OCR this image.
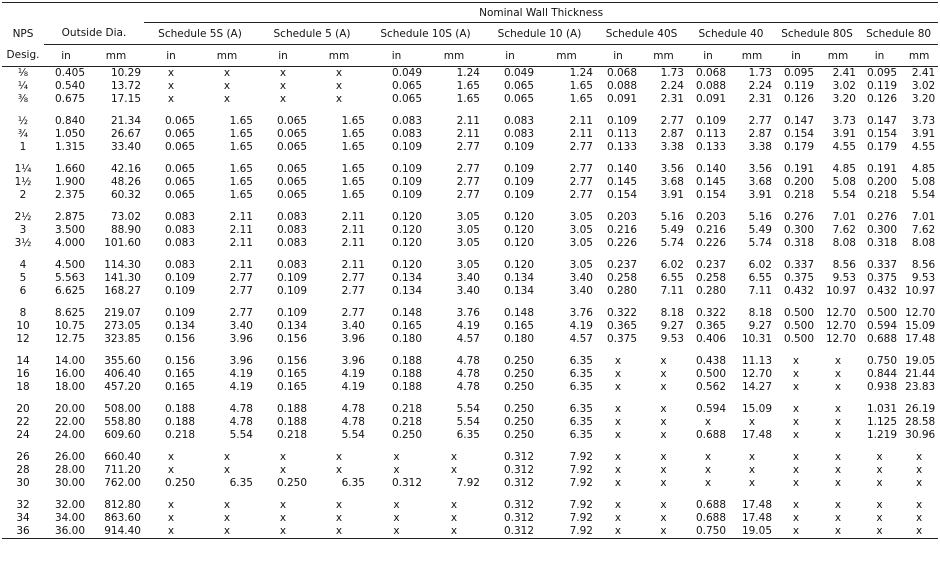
			Nominal Wall Thickness															
NPS	Outside Dia.		Schedule 5S (A)		Schedule 5 (A)		Schedule 10S (A)		Schedule 10 (A)		Schedule 40S		Schedule 40		Schedule 80S		Schedule 80	
Desig.	in	mm	in	mm	in	mm	in	mm	in	mm	in	mm	in	mm	in	mm	in	mm
⅛	0.405	10.29	x	x	x	x	0.049	1.24	0.049	1.24	0.068	1.73	0.068	1.73	0.095	2.41	0.095	2.41
¼	0.540	13.72	x	x	x	x	0.065	1.65	0.065	1.65	0.088	2.24	0.088	2.24	0.119	3.02	0.119	3.02
⅜	0.675	17.15	x	x	x	x	0.065	1.65	0.065	1.65	0.091	2.31	0.091	2.31	0.126	3.20	0.126	3.20

½	0.840	21.34	0.065	1.65	0.065	1.65	0.083	2.11	0.083	2.11	0.109	2.77	0.109	2.77	0.147	3.73	0.147	3.73
¾	1.050	26.67	0.065	1.65	0.065	1.65	0.083	2.11	0.083	2.11	0.113	2.87	0.113	2.87	0.154	3.91	0.154	3.91
1	1.315	33.40	0.065	1.65	0.065	1.65	0.109	2.77	0.109	2.77	0.133	3.38	0.133	3.38	0.179	4.55	0.179	4.55

1¼	1.660	42.16	0.065	1.65	0.065	1.65	0.109	2.77	0.109	2.77	0.140	3.56	0.140	3.56	0.191	4.85	0.191	4.85
1½	1.900	48.26	0.065	1.65	0.065	1.65	0.109	2.77	0.109	2.77	0.145	3.68	0.145	3.68	0.200	5.08	0.200	5.08
2	2.375	60.32	0.065	1.65	0.065	1.65	0.109	2.77	0.109	2.77	0.154	3.91	0.154	3.91	0.218	5.54	0.218	5.54

2½	2.875	73.02	0.083	2.11	0.083	2.11	0.120	3.05	0.120	3.05	0.203	5.16	0.203	5.16	0.276	7.01	0.276	7.01
3	3.500	88.90	0.083	2.11	0.083	2.11	0.120	3.05	0.120	3.05	0.216	5.49	0.216	5.49	0.300	7.62	0.300	7.62
3½	4.000	101.60	0.083	2.11	0.083	2.11	0.120	3.05	0.120	3.05	0.226	5.74	0.226	5.74	0.318	8.08	0.318	8.08

4	4.500	114.30	0.083	2.11	0.083	2.11	0.120	3.05	0.120	3.05	0.237	6.02	0.237	6.02	0.337	8.56	0.337	8.56
5	5.563	141.30	0.109	2.77	0.109	2.77	0.134	3.40	0.134	3.40	0.258	6.55	0.258	6.55	0.375	9.53	0.375	9.53
6	6.625	168.27	0.109	2.77	0.109	2.77	0.134	3.40	0.134	3.40	0.280	7.11	0.280	7.11	0.432	10.97	0.432	10.97

8	8.625	219.07	0.109	2.77	0.109	2.77	0.148	3.76	0.148	3.76	0.322	8.18	0.322	8.18	0.500	12.70	0.500	12.70
10	10.75	273.05	0.134	3.40	0.134	3.40	0.165	4.19	0.165	4.19	0.365	9.27	0.365	9.27	0.500	12.70	0.594	15.09
12	12.75	323.85	0.156	3.96	0.156	3.96	0.180	4.57	0.180	4.57	0.375	9.53	0.406	10.31	0.500	12.70	0.688	17.48

14	14.00	355.60	0.156	3.96	0.156	3.96	0.188	4.78	0.250	6.35	x	x	0.438	11.13	x	x	0.750	19.05
16	16.00	406.40	0.165	4.19	0.165	4.19	0.188	4.78	0.250	6.35	x	x	0.500	12.70	x	x	0.844	21.44
18	18.00	457.20	0.165	4.19	0.165	4.19	0.188	4.78	0.250	6.35	x	x	0.562	14.27	x	x	0.938	23.83

20	20.00	508.00	0.188	4.78	0.188	4.78	0.218	5.54	0.250	6.35	x	x	0.594	15.09	x	x	1.031	26.19
22	22.00	558.80	0.188	4.78	0.188	4.78	0.218	5.54	0.250	6.35	x	x	x	x	x	x	1.125	28.58
24	24.00	609.60	0.218	5.54	0.218	5.54	0.250	6.35	0.250	6.35	x	x	0.688	17.48	x	x	1.219	30.96

26	26.00	660.40	x	x	x	x	x	x	0.312	7.92	x	x	x	x	x	x	x	x
28	28.00	711.20	x	x	x	x	x	x	0.312	7.92	x	x	x	x	x	x	x	x
30	30.00	762.00	0.250	6.35	0.250	6.35	0.312	7.92	0.312	7.92	x	x	x	x	x	x	x	x

32	32.00	812.80	x	x	x	x	x	x	0.312	7.92	x	x	0.688	17.48	x	x	x	x
34	34.00	863.60	x	x	x	x	x	x	0.312	7.92	x	x	0.688	17.48	x	x	x	x
36	36.00	914.40	x	x	x	x	x	x	0.312	7.92	x	x	0.750	19.05	x	x	x	x
